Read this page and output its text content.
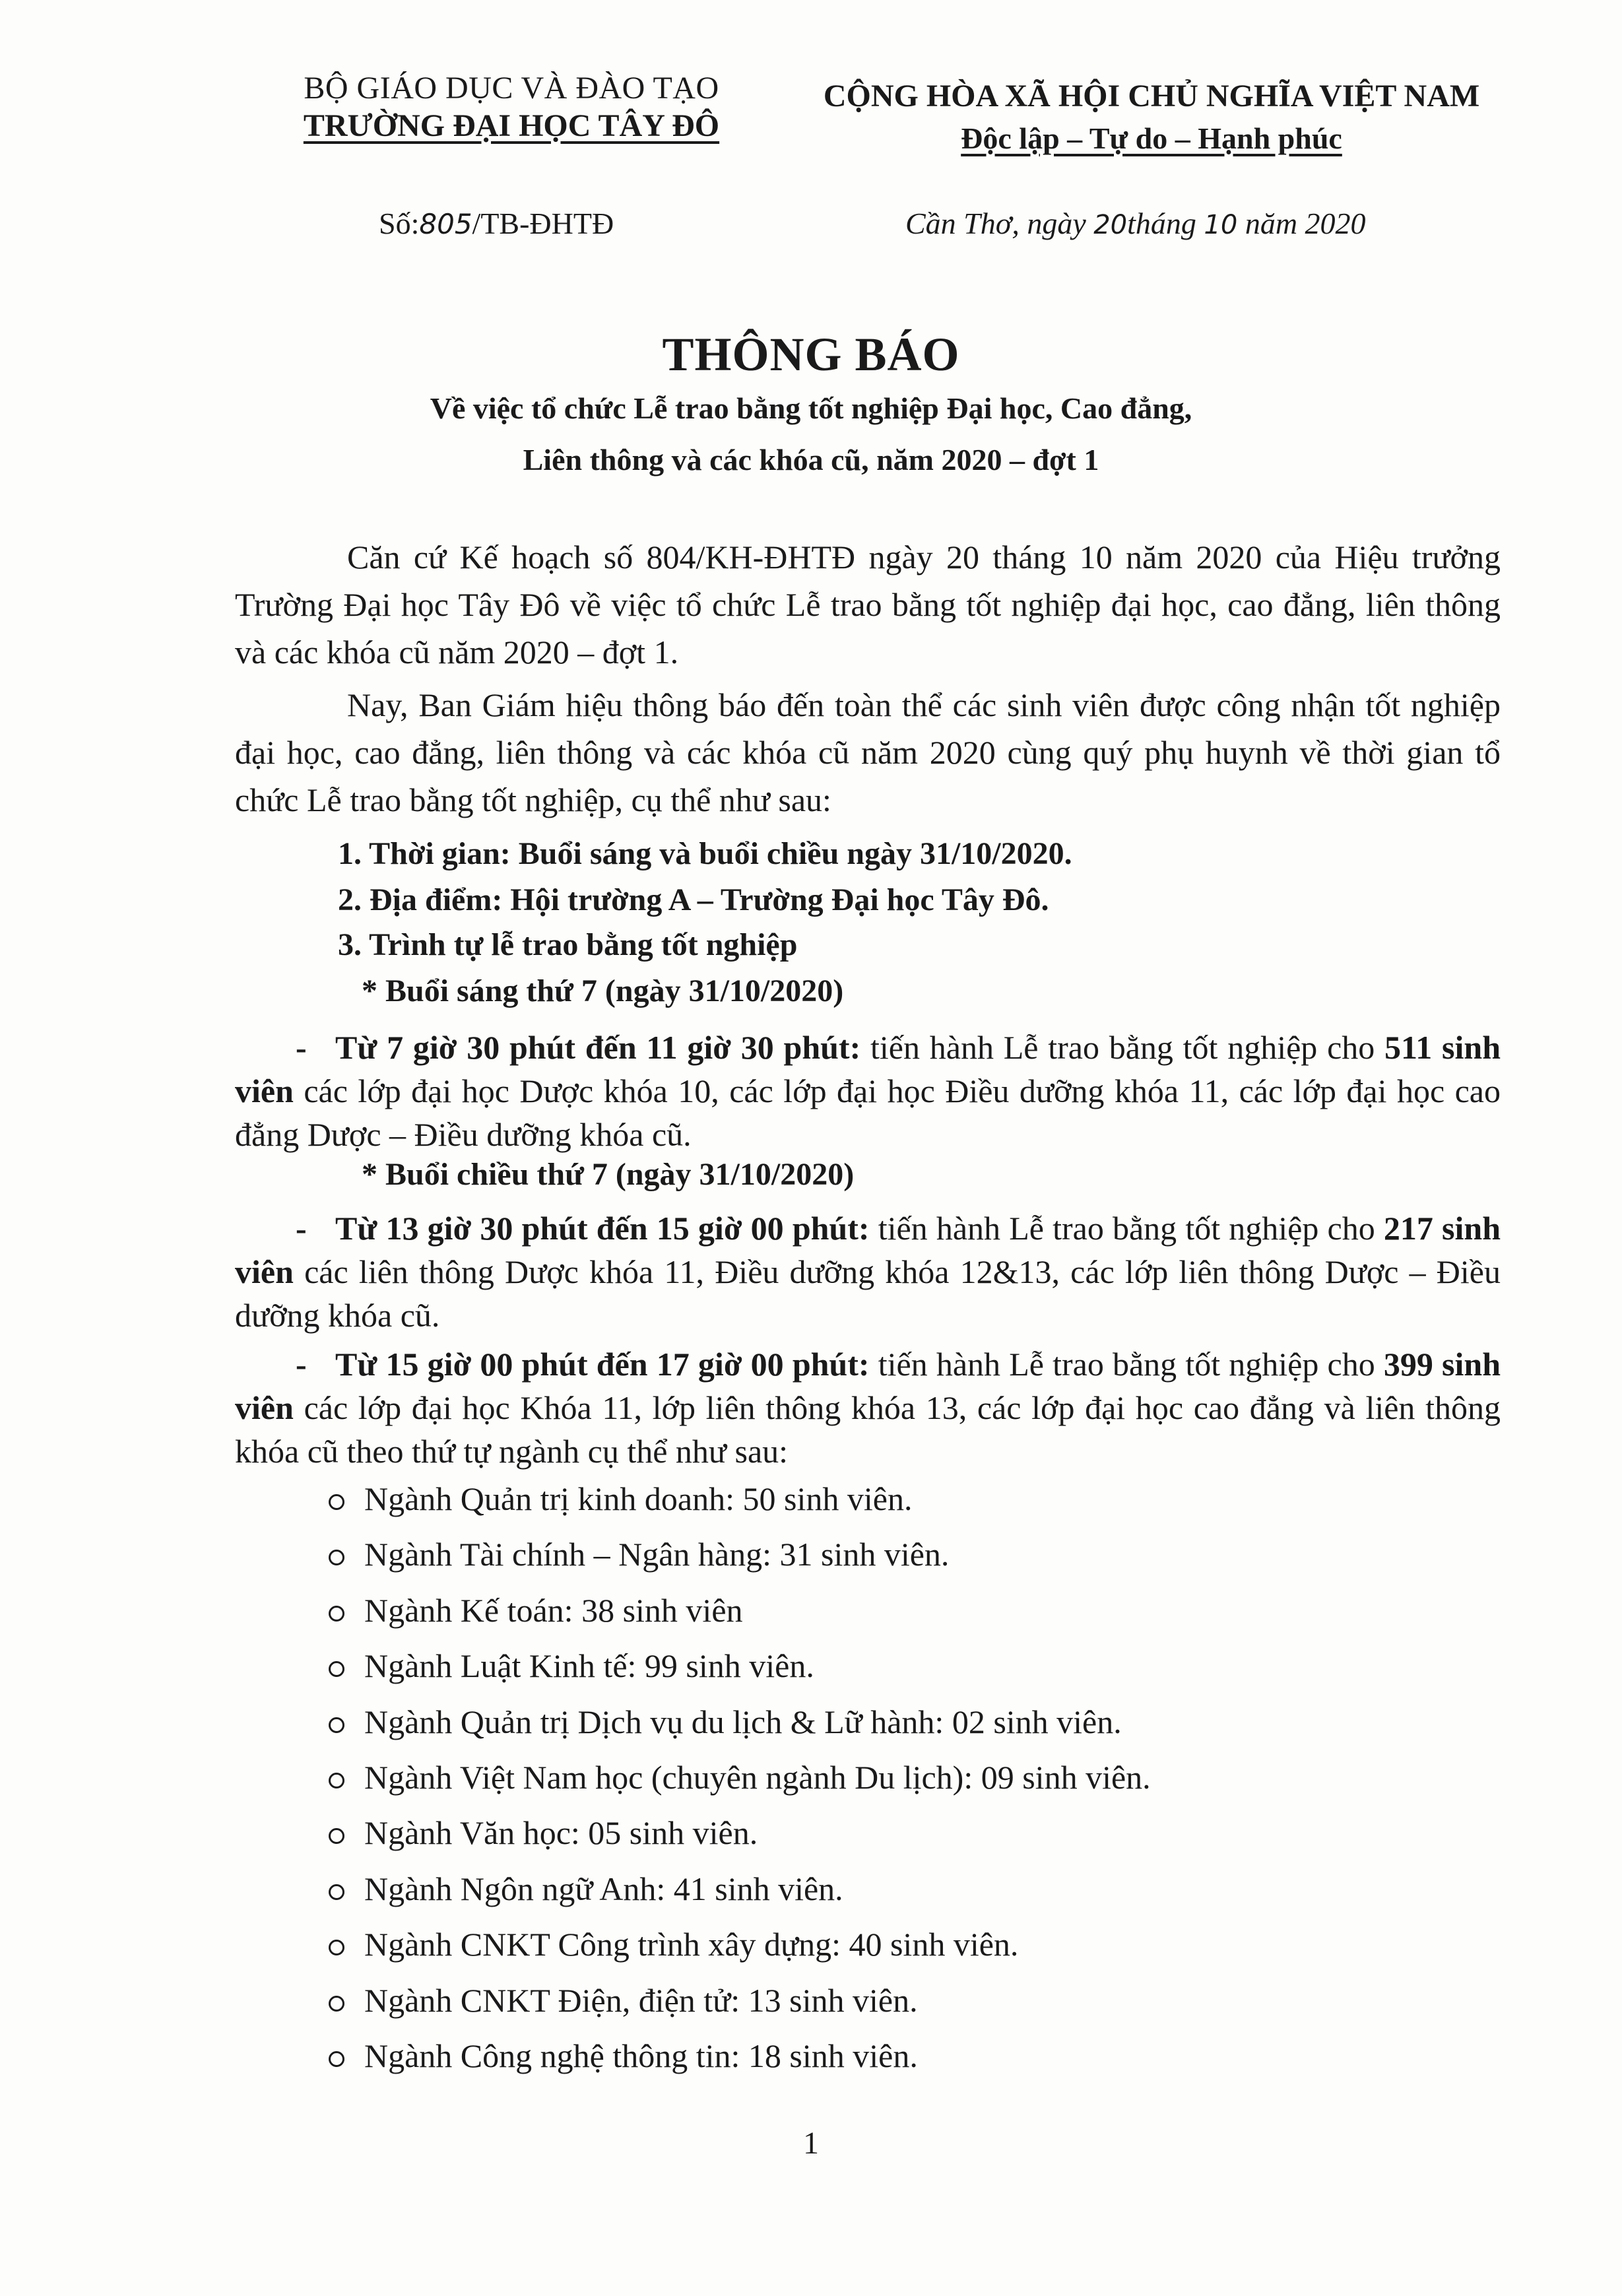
BỘ GIÁO DỤC VÀ ĐÀO TẠO
TRƯỜNG ĐẠI HỌC TÂY ĐÔ
CỘNG HÒA XÃ HỘI CHỦ NGHĨA VIỆT NAM
Độc lập – Tự do – Hạnh phúc
Số:805/TB-ĐHTĐ	Cần Thơ, ngày 20tháng 10 năm 2020
THÔNG BÁO
Về việc tổ chức Lễ trao bằng tốt nghiệp Đại học, Cao đẳng,
Liên thông và các khóa cũ, năm 2020 – đợt 1
Căn cứ Kế hoạch số 804/KH-ĐHTĐ ngày 20 tháng 10 năm 2020 của Hiệu trưởng Trường Đại học Tây Đô về việc tổ chức Lễ trao bằng tốt nghiệp đại học, cao đẳng, liên thông và các khóa cũ năm 2020 – đợt 1.
Nay, Ban Giám hiệu thông báo đến toàn thể các sinh viên được công nhận tốt nghiệp đại học, cao đẳng, liên thông và các khóa cũ năm 2020 cùng quý phụ huynh về thời gian tổ chức Lễ trao bằng tốt nghiệp, cụ thể như sau:
1. Thời gian: Buổi sáng và buổi chiều ngày 31/10/2020.
2. Địa điểm: Hội trường A – Trường Đại học Tây Đô.
3. Trình tự lễ trao bằng tốt nghiệp
* Buổi sáng thứ 7 (ngày 31/10/2020)
- Từ 7 giờ 30 phút đến 11 giờ 30 phút: tiến hành Lễ trao bằng tốt nghiệp cho 511 sinh viên các lớp đại học Dược khóa 10, các lớp đại học Điều dưỡng khóa 11, các lớp đại học cao đẳng Dược – Điều dưỡng khóa cũ.
* Buổi chiều thứ 7 (ngày 31/10/2020)
- Từ 13 giờ 30 phút đến 15 giờ 00 phút: tiến hành Lễ trao bằng tốt nghiệp cho 217 sinh viên các liên thông Dược khóa 11, Điều dưỡng khóa 12&13, các lớp liên thông Dược – Điều dưỡng khóa cũ.
- Từ 15 giờ 00 phút đến 17 giờ 00 phút: tiến hành Lễ trao bằng tốt nghiệp cho 399 sinh viên các lớp đại học Khóa 11, lớp liên thông khóa 13, các lớp đại học cao đẳng và liên thông khóa cũ theo thứ tự ngành cụ thể như sau:
Ngành Quản trị kinh doanh: 50 sinh viên.
Ngành Tài chính – Ngân hàng: 31 sinh viên.
Ngành Kế toán: 38 sinh viên
Ngành Luật Kinh tế: 99 sinh viên.
Ngành Quản trị Dịch vụ du lịch & Lữ hành: 02 sinh viên.
Ngành Việt Nam học (chuyên ngành Du lịch): 09 sinh viên.
Ngành Văn học: 05 sinh viên.
Ngành Ngôn ngữ Anh: 41 sinh viên.
Ngành CNKT Công trình xây dựng: 40 sinh viên.
Ngành CNKT Điện, điện tử: 13 sinh viên.
Ngành Công nghệ thông tin: 18 sinh viên.
1
